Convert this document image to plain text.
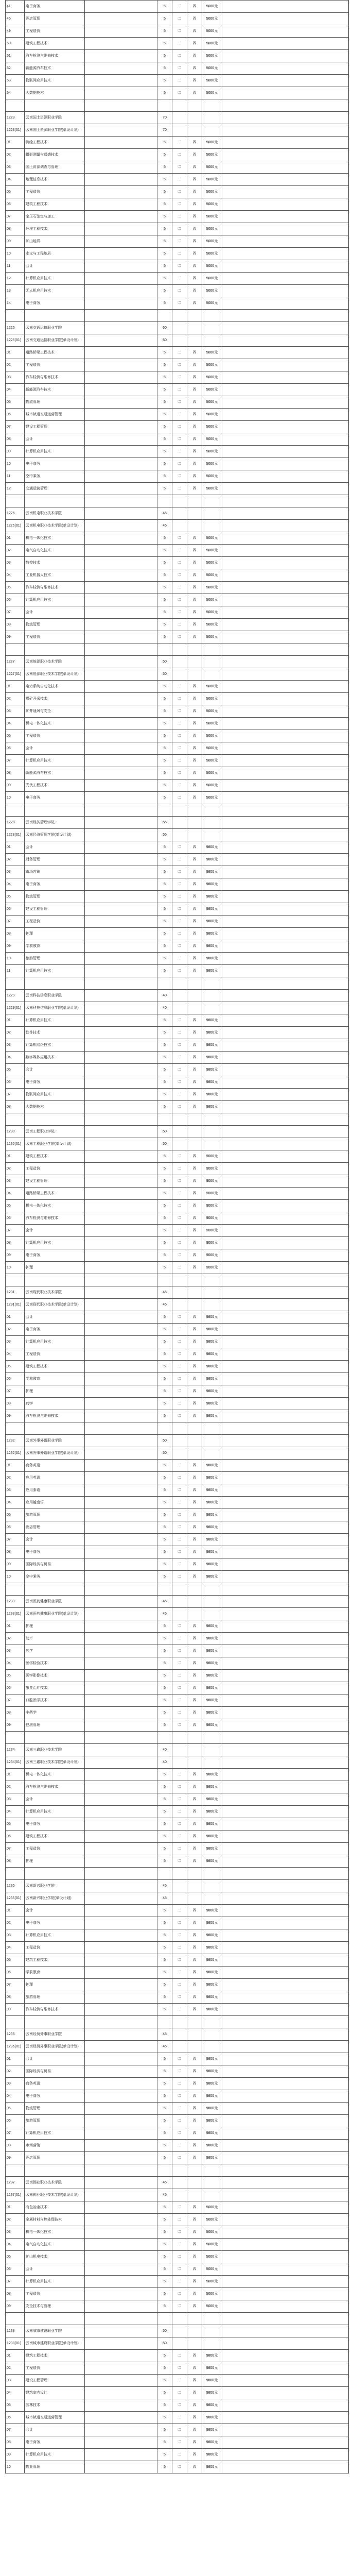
41	电子商务		5	二	四	5000元	
45	酒店管理		5	二	四	5000元	
49	工程造价		5	二	四	5000元	
50	建筑工程技术		5	二	四	5000元	
51	汽车检测与维修技术		5	二	四	5000元	
52	新能源汽车技术		5	二	四	5000元	
53	物联网应用技术		5	二	四	5000元	
54	大数据技术		5	二	四	5000元	

1223	云南国土资源职业学院		70				
1223(01)	云南国土资源职业学院(单设计划)		70				
01	测绘工程技术		5	二	四	5000元	
02	摄影测量与遥感技术		5	二	四	5000元	
03	国土资源调查与管理		5	二	四	5000元	
04	地理信息技术		5	二	四	5000元	
05	工程造价		5	二	四	5000元	
06	建筑工程技术		5	二	四	5000元	
07	宝玉石鉴定与加工		5	二	四	5000元	
08	环境工程技术		5	二	四	5000元	
09	矿山地质		5	二	四	5000元	
10	水文与工程地质		5	二	四	5000元	
11	会计		5	二	四	5000元	
12	计算机应用技术		5	二	四	5000元	
13	无人机应用技术		5	二	四	5000元	
14	电子商务		5	二	四	5000元	

1225	云南交通运输职业学院		60				
1225(01)	云南交通运输职业学院(单设计划)		60				
01	道路桥梁工程技术		5	二	四	5000元	
02	工程造价		5	二	四	5000元	
03	汽车检测与维修技术		5	二	四	5000元	
04	新能源汽车技术		5	二	四	5000元	
05	物流管理		5	二	四	5000元	
06	城市轨道交通运营管理		5	二	四	5000元	
07	建设工程管理		5	二	四	5000元	
08	会计		5	二	四	5000元	
09	计算机应用技术		5	二	四	5000元	
10	电子商务		5	二	四	5000元	
11	空中乘务		5	二	四	5000元	
12	交通运营管理		5	二	四	5000元	

1226	云南机电职业技术学院		45				
1226(01)	云南机电职业技术学院(单设计划)		45				
01	机电一体化技术		5	二	四	5000元	
02	电气自动化技术		5	二	四	5000元	
03	数控技术		5	二	四	5000元	
04	工业机器人技术		5	二	四	5000元	
05	汽车检测与维修技术		5	二	四	5000元	
06	计算机应用技术		5	二	四	5000元	
07	会计		5	二	四	5000元	
08	物流管理		5	二	四	5000元	
09	工程造价		5	二	四	5000元	

1227	云南能源职业技术学院		50				
1227(01)	云南能源职业技术学院(单设计划)		50				
01	电力系统自动化技术		5	二	四	5000元	
02	煤矿开采技术		5	二	四	5000元	
03	矿井通风与安全		5	二	四	5000元	
04	机电一体化技术		5	二	四	5000元	
05	工程造价		5	二	四	5000元	
06	会计		5	二	四	5000元	
07	计算机应用技术		5	二	四	5000元	
08	新能源汽车技术		5	二	四	5000元	
09	光伏工程技术		5	二	四	5000元	
10	电子商务		5	二	四	5000元	

1228	云南经济管理学院		55				
1228(01)	云南经济管理学院(单设计划)		55				
01	会计		5	二	四	9800元	
02	财务管理		5	二	四	9800元	
03	市场营销		5	二	四	9800元	
04	电子商务		5	二	四	9800元	
05	物流管理		5	二	四	9800元	
06	建设工程管理		5	二	四	9800元	
07	工程造价		5	二	四	9800元	
08	护理		5	二	四	9800元	
09	学前教育		5	二	四	9800元	
10	旅游管理		5	二	四	9800元	
11	计算机应用技术		5	二	四	9800元	

1229	云南科技信息职业学院		40				
1229(01)	云南科技信息职业学院(单设计划)		40				
01	计算机应用技术		5	二	四	9800元	
02	软件技术		5	二	四	9800元	
03	计算机网络技术		5	二	四	9800元	
04	数字媒体应用技术		5	二	四	9800元	
05	会计		5	二	四	9800元	
06	电子商务		5	二	四	9800元	
07	物联网应用技术		5	二	四	9800元	
08	大数据技术		5	二	四	9800元	

1230	云南工程职业学院		50				
1230(01)	云南工程职业学院(单设计划)		50				
01	建筑工程技术		5	二	四	9000元	
02	工程造价		5	二	四	9000元	
03	建设工程管理		5	二	四	9000元	
04	道路桥梁工程技术		5	二	四	9000元	
05	机电一体化技术		5	二	四	9000元	
06	汽车检测与维修技术		5	二	四	9000元	
07	会计		5	二	四	9000元	
08	计算机应用技术		5	二	四	9000元	
09	电子商务		5	二	四	9000元	
10	护理		5	二	四	9000元	

1231	云南现代职业技术学院		45				
1231(01)	云南现代职业技术学院(单设计划)		45				
01	会计		5	二	四	9800元	
02	电子商务		5	二	四	9800元	
03	计算机应用技术		5	二	四	9800元	
04	工程造价		5	二	四	9800元	
05	建筑工程技术		5	二	四	9800元	
06	学前教育		5	二	四	9800元	
07	护理		5	二	四	9800元	
08	药学		5	二	四	9800元	
09	汽车检测与维修技术		5	二	四	9800元	

1232	云南外事外语职业学院		50				
1232(01)	云南外事外语职业学院(单设计划)		50				
01	商务英语		5	二	四	9800元	
02	应用英语		5	二	四	9800元	
03	应用泰语		5	二	四	9800元	
04	应用越南语		5	二	四	9800元	
05	旅游管理		5	二	四	9800元	
06	酒店管理		5	二	四	9800元	
07	会计		5	二	四	9800元	
08	电子商务		5	二	四	9800元	
09	国际经济与贸易		5	二	四	9800元	
10	空中乘务		5	二	四	9800元	

1233	云南医药健康职业学院		45				
1233(01)	云南医药健康职业学院(单设计划)		45				
01	护理		5	二	四	9800元	
02	助产		5	二	四	9800元	
03	药学		5	二	四	9800元	
04	医学检验技术		5	二	四	9800元	
05	医学影像技术		5	二	四	9800元	
06	康复治疗技术		5	二	四	9800元	
07	口腔医学技术		5	二	四	9800元	
08	中药学		5	二	四	9800元	
09	健康管理		5	二	四	9800元	

1234	云南三鑫职业技术学院		40				
1234(01)	云南三鑫职业技术学院(单设计划)		40				
01	机电一体化技术		5	二	四	9800元	
02	汽车检测与维修技术		5	二	四	9800元	
03	会计		5	二	四	9800元	
04	计算机应用技术		5	二	四	9800元	
05	电子商务		5	二	四	9800元	
06	建筑工程技术		5	二	四	9800元	
07	工程造价		5	二	四	9800元	
08	护理		5	二	四	9800元	

1235	云南新兴职业学院		45				
1235(01)	云南新兴职业学院(单设计划)		45				
01	会计		5	二	四	9800元	
02	电子商务		5	二	四	9800元	
03	计算机应用技术		5	二	四	9800元	
04	工程造价		5	二	四	9800元	
05	建筑工程技术		5	二	四	9800元	
06	学前教育		5	二	四	9800元	
07	护理		5	二	四	9800元	
08	旅游管理		5	二	四	9800元	
09	汽车检测与维修技术		5	二	四	9800元	

1236	云南经贸外事职业学院		45				
1236(01)	云南经贸外事职业学院(单设计划)		45				
01	会计		5	二	四	9800元	
02	国际经济与贸易		5	二	四	9800元	
03	商务英语		5	二	四	9800元	
04	电子商务		5	二	四	9800元	
05	物流管理		5	二	四	9800元	
06	旅游管理		5	二	四	9800元	
07	计算机应用技术		5	二	四	9800元	
08	市场营销		5	二	四	9800元	
09	酒店管理		5	二	四	9800元	

1237	云南锡业职业技术学院		45				
1237(01)	云南锡业职业技术学院(单设计划)		45				
01	有色冶金技术		5	二	四	5000元	
02	金属材料与热处理技术		5	二	四	5000元	
03	机电一体化技术		5	二	四	5000元	
04	电气自动化技术		5	二	四	5000元	
05	矿山机电技术		5	二	四	5000元	
06	会计		5	二	四	5000元	
07	计算机应用技术		5	二	四	5000元	
08	工程造价		5	二	四	5000元	
09	安全技术与管理		5	二	四	5000元	

1238	云南城市建设职业学院		50				
1238(01)	云南城市建设职业学院(单设计划)		50				
01	建筑工程技术		5	二	四	9800元	
02	工程造价		5	二	四	9800元	
03	建设工程管理		5	二	四	9800元	
04	建筑室内设计		5	二	四	9800元	
05	园林技术		5	二	四	9800元	
06	城市轨道交通运营管理		5	二	四	9800元	
07	会计		5	二	四	9800元	
08	电子商务		5	二	四	9800元	
09	计算机应用技术		5	二	四	9800元	
10	物业管理		5	二	四	9800元	
